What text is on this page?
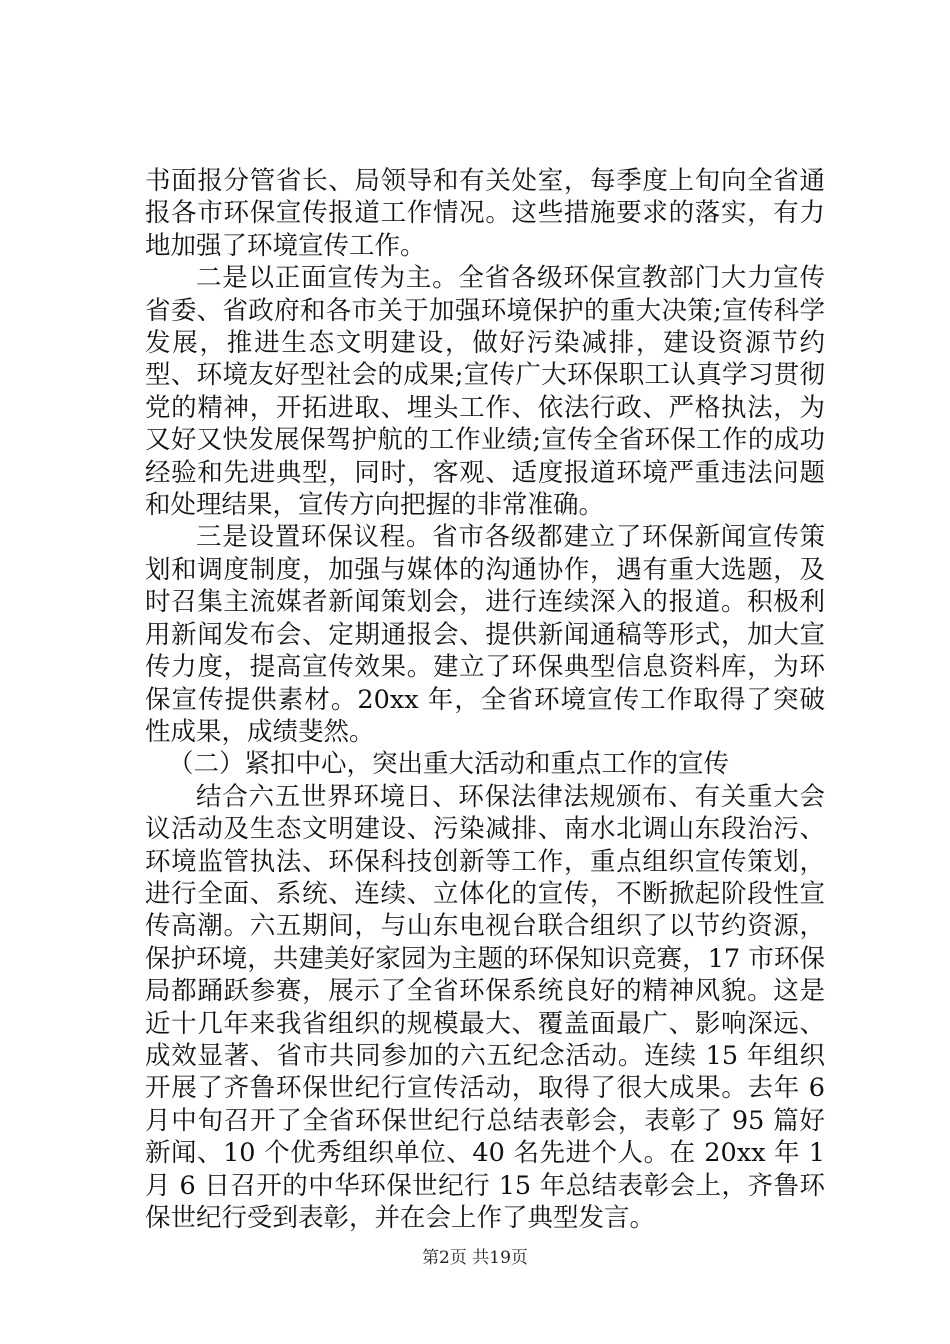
书面报分管省长、局领导和有关处室，每季度上旬向全省通报各市环保宣传报道工作情况。这些措施要求的落实，有力地加强了环境宣传工作。

二是以正面宣传为主。全省各级环保宣教部门大力宣传省委、省政府和各市关于加强环境保护的重大决策;宣传科学发展，推进生态文明建设，做好污染减排，建设资源节约型、环境友好型社会的成果;宣传广大环保职工认真学习贯彻党的精神，开拓进取、埋头工作、依法行政、严格执法，为又好又快发展保驾护航的工作业绩;宣传全省环保工作的成功经验和先进典型，同时，客观、适度报道环境严重违法问题和处理结果，宣传方向把握的非常准确。

三是设置环保议程。省市各级都建立了环保新闻宣传策划和调度制度，加强与媒体的沟通协作，遇有重大选题，及时召集主流媒者新闻策划会，进行连续深入的报道。积极利用新闻发布会、定期通报会、提供新闻通稿等形式，加大宣传力度，提高宣传效果。建立了环保典型信息资料库，为环保宣传提供素材。20xx 年，全省环境宣传工作取得了突破性成果，成绩斐然。

（二）紧扣中心，突出重大活动和重点工作的宣传

结合六五世界环境日、环保法律法规颁布、有关重大会议活动及生态文明建设、污染减排、南水北调山东段治污、环境监管执法、环保科技创新等工作，重点组织宣传策划，进行全面、系统、连续、立体化的宣传，不断掀起阶段性宣传高潮。六五期间，与山东电视台联合组织了以节约资源，保护环境，共建美好家园为主题的环保知识竞赛，17 市环保局都踊跃参赛，展示了全省环保系统良好的精神风貌。这是近十几年来我省组织的规模最大、覆盖面最广、影响深远、成效显著、省市共同参加的六五纪念活动。连续 15 年组织开展了齐鲁环保世纪行宣传活动，取得了很大成果。去年 6 月中旬召开了全省环保世纪行总结表彰会，表彰了 95 篇好新闻、10 个优秀组织单位、40 名先进个人。在 20xx 年 1 月 6 日召开的中华环保世纪行 15 年总结表彰会上，齐鲁环保世纪行受到表彰，并在会上作了典型发言。

第2页 共19页
